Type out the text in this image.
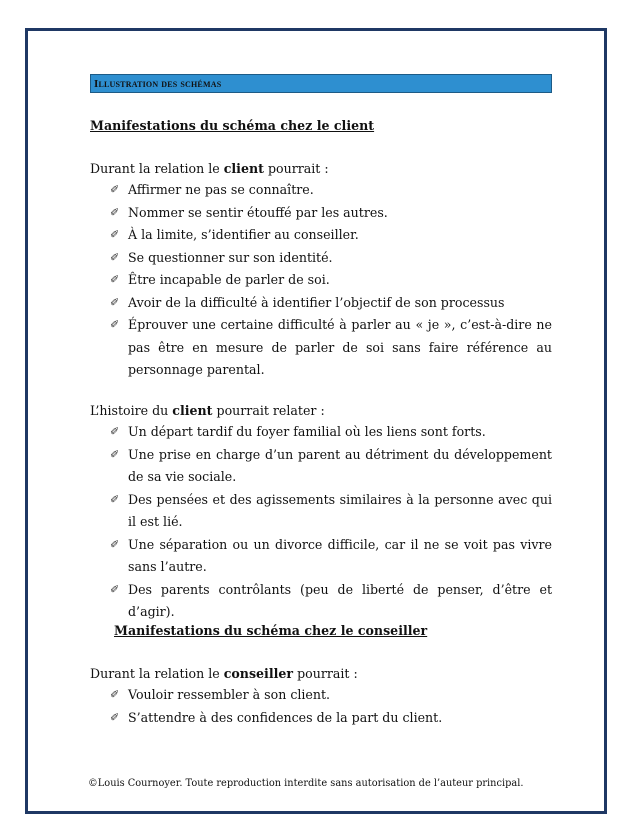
Illustration des schémas

Manifestations du schéma chez le client

Durant la relation le client pourrait :

✐ Affirmer ne pas se connaître.
✐ Nommer se sentir étouffé par les autres.
✐ À la limite, s’identifier au conseiller.
✐ Se questionner sur son identité.
✐ Être incapable de parler de soi.
✐ Avoir de la difficulté à identifier l’objectif de son processus
✐ Éprouver une certaine difficulté à parler au « je », c’est-à-dire ne pas être en mesure de parler de soi sans faire référence au personnage parental.

L’histoire du client pourrait relater :

✐ Un départ tardif du foyer familial où les liens sont forts.
✐ Une prise en charge d’un parent au détriment du développement de sa vie sociale.
✐ Des pensées et des agissements similaires à la personne avec qui il est lié.
✐ Une séparation ou un divorce difficile, car il ne se voit pas vivre sans l’autre.
✐ Des parents contrôlants (peu de liberté de penser, d’être et d’agir).

Manifestations du schéma chez le conseiller

Durant la relation le conseiller pourrait :

✐ Vouloir ressembler à son client.
✐ S’attendre à des confidences de la part du client.
©Louis Cournoyer. Toute reproduction interdite sans autorisation de l’auteur principal.
